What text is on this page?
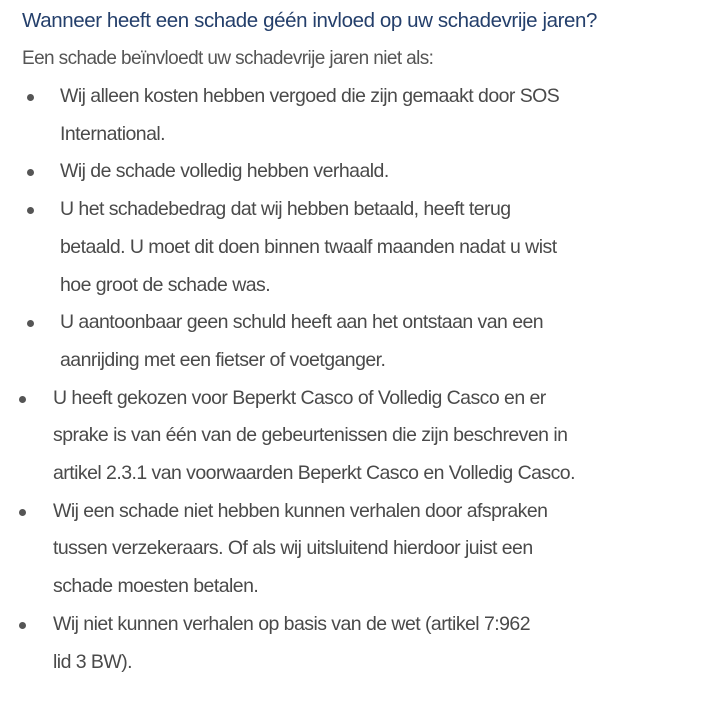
Wanneer heeft een schade géén invloed op uw schadevrije jaren?

Een schade beïnvloedt uw schadevrije jaren niet als:

Wij alleen kosten hebben vergoed die zijn gemaakt door SOS
International.
Wij de schade volledig hebben verhaald.
U het schadebedrag dat wij hebben betaald, heeft terug
betaald. U moet dit doen binnen twaalf maanden nadat u wist
hoe groot de schade was.
U aantoonbaar geen schuld heeft aan het ontstaan van een
aanrijding met een fietser of voetganger.
U heeft gekozen voor Beperkt Casco of Volledig Casco en er
sprake is van één van de gebeurtenissen die zijn beschreven in
artikel 2.3.1 van voorwaarden Beperkt Casco en Volledig Casco.
Wij een schade niet hebben kunnen verhalen door afspraken
tussen verzekeraars. Of als wij uitsluitend hierdoor juist een
schade moesten betalen.
Wij niet kunnen verhalen op basis van de wet (artikel 7:962
lid 3 BW).
